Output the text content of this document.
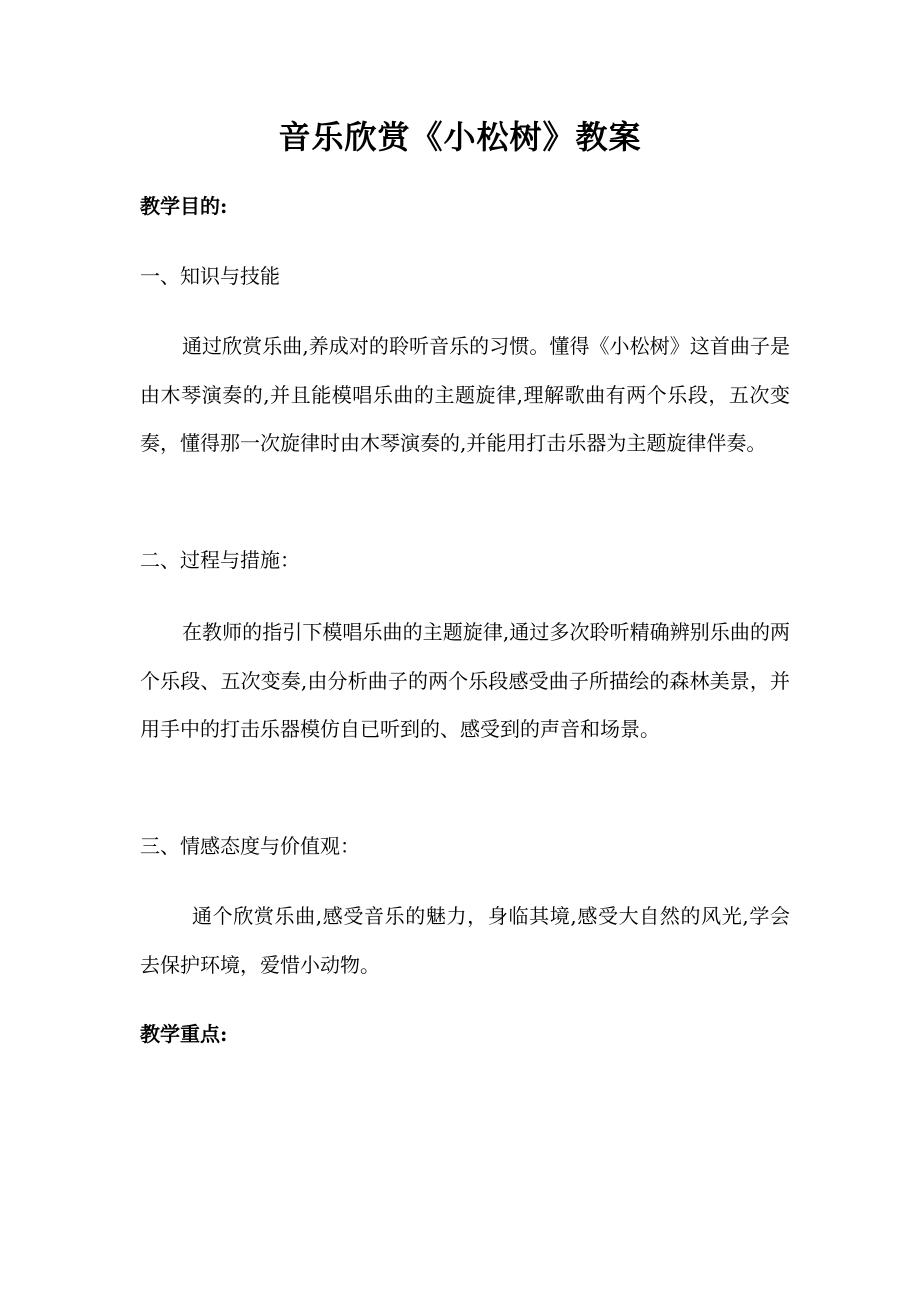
音乐欣赏《小松树》教案

教学目的:

一、知识与技能

通过欣赏乐曲,养成对的聆听音乐的习惯。懂得《小松树》这首曲子是由木琴演奏的,并且能模唱乐曲的主题旋律,理解歌曲有两个乐段，五次变奏，懂得那一次旋律时由木琴演奏的,并能用打击乐器为主题旋律伴奏。

二、过程与措施：

在教师的指引下模唱乐曲的主题旋律,通过多次聆听精确辨别乐曲的两个乐段、五次变奏,由分析曲子的两个乐段感受曲子所描绘的森林美景，并用手中的打击乐器模仿自已听到的、感受到的声音和场景。

三、情感态度与价值观：

通个欣赏乐曲,感受音乐的魅力，身临其境,感受大自然的风光,学会去保护环境，爱惜小动物。

教学重点:
